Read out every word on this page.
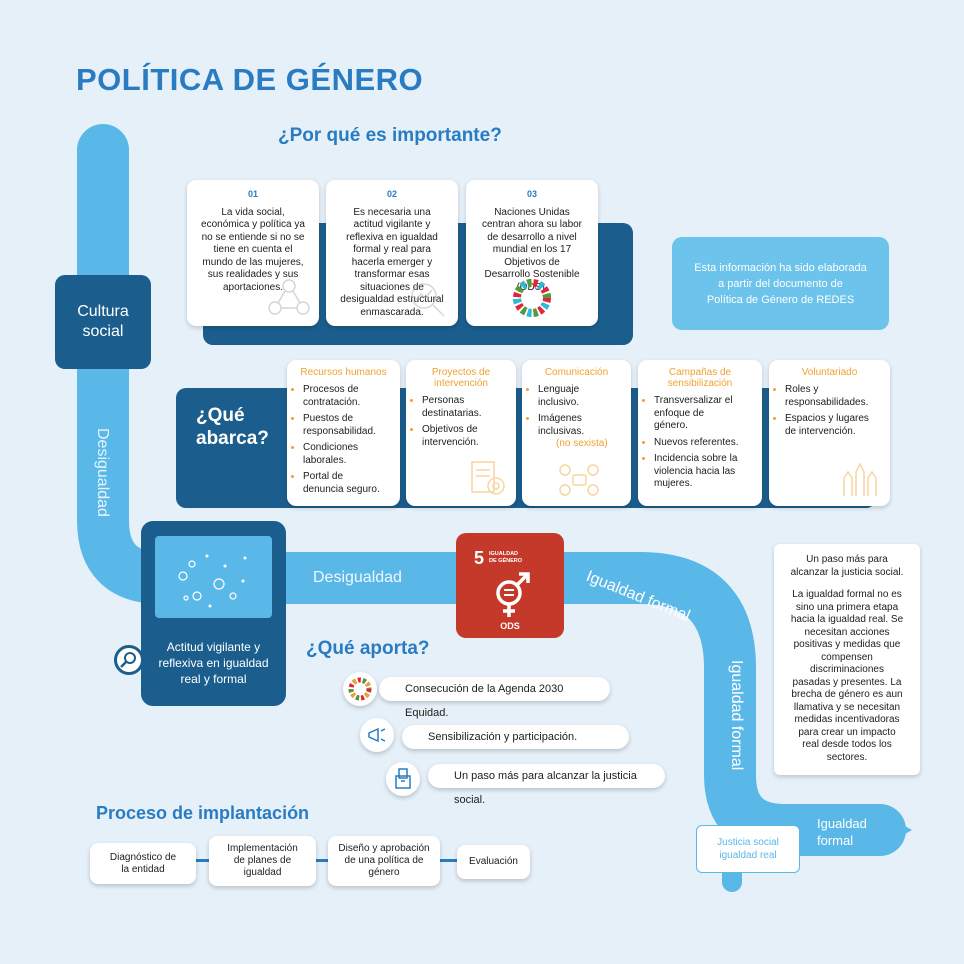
POLÍTICA DE GÉNERO
¿Por qué es importante?
01
La vida social,
económica y política ya
no se entiende si no se
tiene en cuenta el
mundo de las mujeres,
sus realidades y sus
aportaciones.
02
Es necesaria una
actitud vigilante y
reflexiva en igualdad
formal y real para
hacerla emerger y
transformar esas
situaciones de
desigualdad estructural
enmascarada.
03
Naciones Unidas
centran ahora su labor
de desarrollo a nivel
mundial en los 17
Objetivos de
Desarrollo Sostenible
(ODS).
Esta información ha sido elaborada
a partir del documento de
Política de Género de REDES
Cultura
social
Desigualdad
Desigualdad	Igualdad formal
Igualdad formal
Igualdad
formal
¿Qué
abarca?
Recursos humanos
• Procesos de
contratación.
• Puestos de
responsabilidad.
• Condiciones
laborales.
• Portal de
denuncia seguro.
Proyectos de
intervención
• Personas
destinatarias.
• Objetivos de
intervención.
Comunicación
• Lenguaje
inclusivo.
• Imágenes
inclusivas.
(no sexista)
Campañas de
sensibilización
• Transversalizar el
enfoque de
género.
• Nuevos referentes.
• Incidencia sobre la
violencia hacia las
mujeres.
Voluntariado
• Roles y
responsabilidades.
• Espacios y lugares
de intervención.
Actitud vigilante y
reflexiva en igualdad
real y formal
5 IGUALDAD
DE GÉNERO
ODS
¿Qué aporta?
Consecución de la Agenda 2030 Equidad.
Sensibilización y participación.
Un paso más para alcanzar la justicia social.
Un paso más para
alcanzar la justicia social.
La igualdad formal no es
sino una primera etapa
hacia la igualdad real. Se
necesitan acciones
positivas y medidas que
compensen
discriminaciones
pasadas y presentes. La
brecha de género es aun
llamativa y se necesitan
medidas incentivadoras
para crear un impacto
real desde todos los
sectores.
Justicia social
igualdad real
Proceso de implantación
Diagnóstico de
la entidad
Implementación
de planes de
igualdad
Diseño y aprobación
de una política de
género
Evaluación
